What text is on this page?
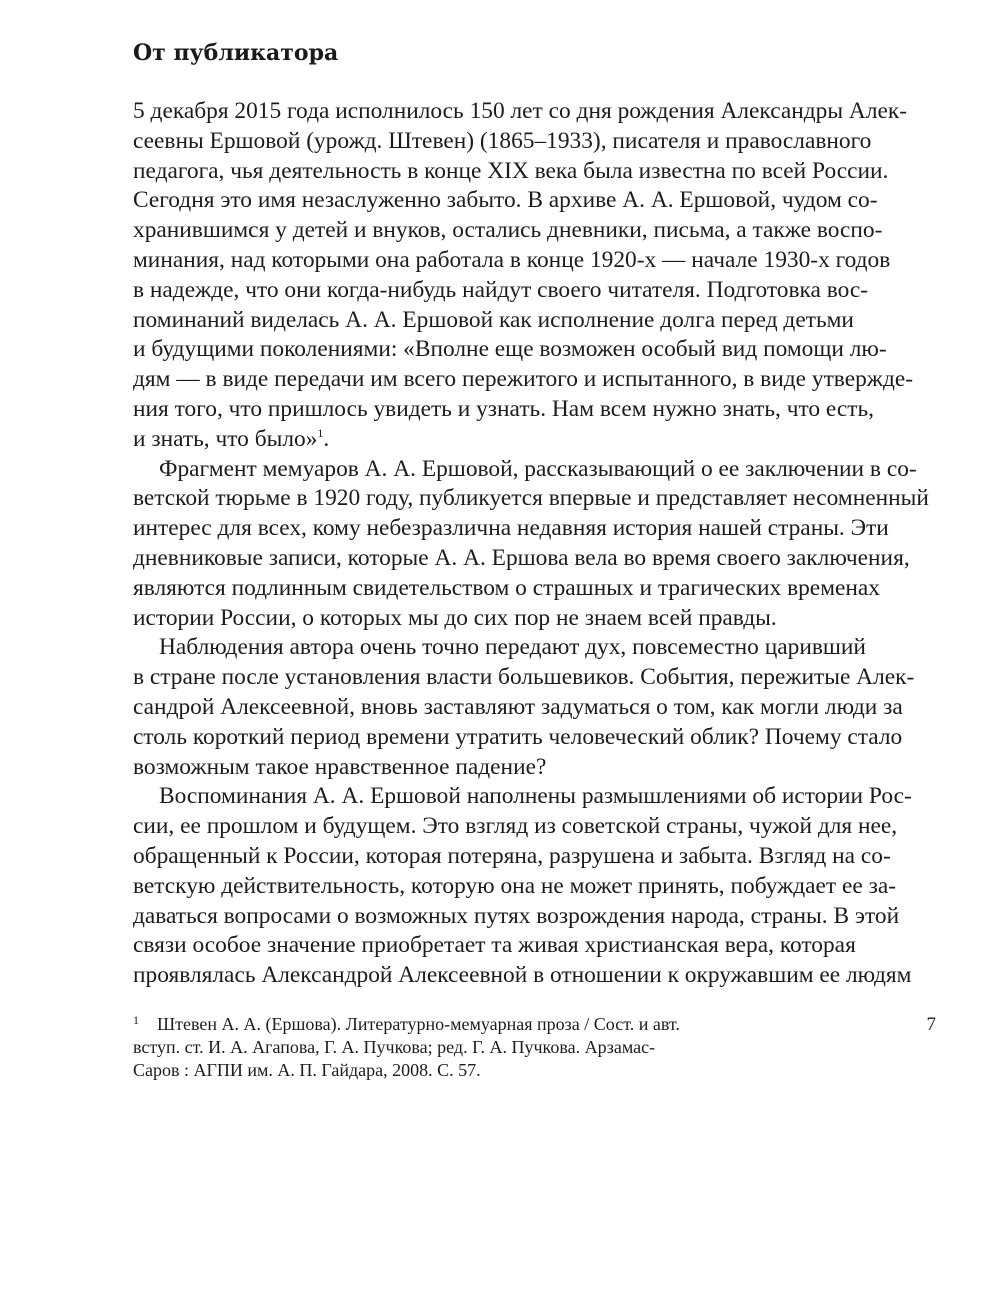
От публикатора
5 декабря 2015 года исполнилось 150 лет со дня рождения Александры Алек-
сеевны Ершовой (урожд. Штевен) (1865–1933), писателя и православного
педагога, чья деятельность в конце XIX века была известна по всей России.
Сегодня это имя незаслуженно забыто. В архиве А. А. Ершовой, чудом со-
хранившимся у детей и внуков, остались дневники, письма, а также воспо-
минания, над которыми она работала в конце 1920-х — начале 1930-х годов
в надежде, что они когда-нибудь найдут своего читателя. Подготовка вос-
поминаний виделась А. А. Ершовой как исполнение долга перед детьми
и будущими поколениями: «Вполне еще возможен особый вид помощи лю-
дям — в виде передачи им всего пережитого и испытанного, в виде утвержде-
ния того, что пришлось увидеть и узнать. Нам всем нужно знать, что есть,
и знать, что было»$^1$.
Фрагмент мемуаров А. А. Ершовой, рассказывающий о ее заключении в со-
ветской тюрьме в 1920 году, публикуется впервые и представляет несомненный
интерес для всех, кому небезразлична недавняя история нашей страны. Эти
дневниковые записи, которые А. А. Ершова вела во время своего заключения,
являются подлинным свидетельством о страшных и трагических временах
истории России, о которых мы до сих пор не знаем всей правды.
Наблюдения автора очень точно передают дух, повсеместно царивший
в стране после установления власти большевиков. События, пережитые Алек-
сандрой Алексеевной, вновь заставляют задуматься о том, как могли люди за
столь короткий период времени утратить человеческий облик? Почему стало
возможным такое нравственное падение?
Воспоминания А. А. Ершовой наполнены размышлениями об истории Рос-
сии, ее прошлом и будущем. Это взгляд из советской страны, чужой для нее,
обращенный к России, которая потеряна, разрушена и забыта. Взгляд на со-
ветскую действительность, которую она не может принять, побуждает ее за-
даваться вопросами о возможных путях возрождения народа, страны. В этой
связи особое значение приобретает та живая христианская вера, которая
проявлялась Александрой Алексеевной в отношении к окружавшим ее людям
1 Штевен А. А. (Ершова). Литературно-мемуарная проза / Сост. и авт.
вступ. ст. И. А. Агапова, Г. А. Пучкова; ред. Г. А. Пучкова. Арзамас-
Саров : АГПИ им. А. П. Гайдара, 2008. С. 57.
7
